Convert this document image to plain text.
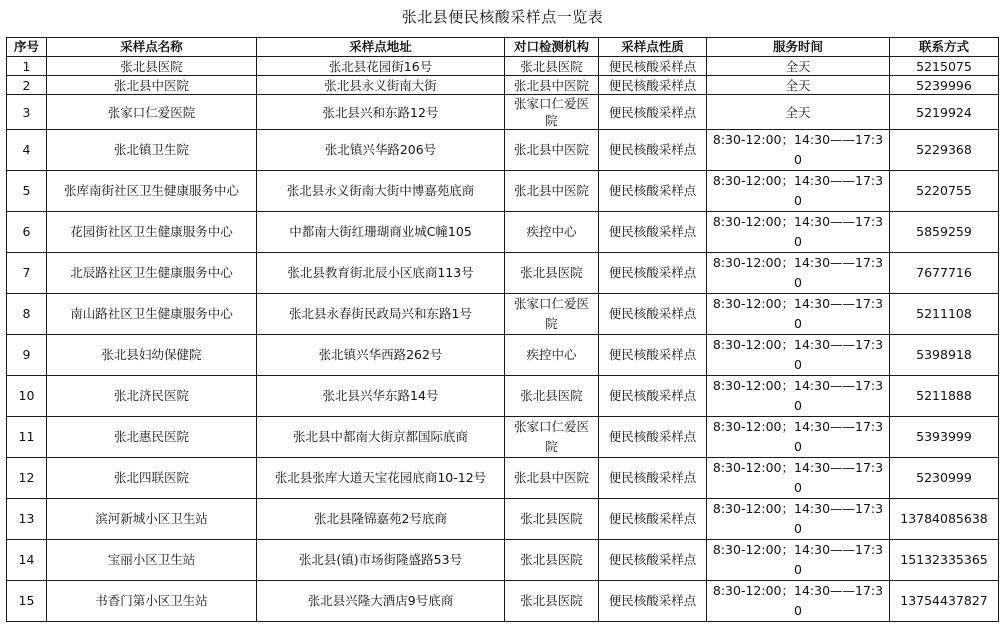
张北县便民核酸采样点一览表
序号	采样点名称	采样点地址	对口检测机构	采样点性质	服务时间	联系方式
1	张北县医院	张北县花园街16号	张北县医院	便民核酸采样点	全天	5215075
2	张北县中医院	张北县永义街南大街	张北县中医院	便民核酸采样点	全天	5239996
3	张家口仁爱医院	张北县兴和东路12号	张家口仁爱医院	便民核酸采样点	全天	5219924
4	张北镇卫生院	张北镇兴华路206号	张北县中医院	便民核酸采样点	8:30-12:00；14:30——17:30	5229368
5	张库南街社区卫生健康服务中心	张北县永义街南大街中博嘉苑底商	张北县中医院	便民核酸采样点	8:30-12:00；14:30——17:30	5220755
6	花园街社区卫生健康服务中心	中都南大街红珊瑚商业城C幢105	疾控中心	便民核酸采样点	8:30-12:00；14:30——17:30	5859259
7	北辰路社区卫生健康服务中心	张北县教育街北辰小区底商113号	张北县医院	便民核酸采样点	8:30-12:00；14:30——17:30	7677716
8	南山路社区卫生健康服务中心	张北县永春街民政局兴和东路1号	张家口仁爱医院	便民核酸采样点	8:30-12:00；14:30——17:30	5211108
9	张北县妇幼保健院	张北镇兴华西路262号	疾控中心	便民核酸采样点	8:30-12:00；14:30——17:30	5398918
10	张北济民医院	张北县兴华东路14号	张北县医院	便民核酸采样点	8:30-12:00；14:30——17:30	5211888
11	张北惠民医院	张北县中都南大街京都国际底商	张家口仁爱医院	便民核酸采样点	8:30-12:00；14:30——17:30	5393999
12	张北四联医院	张北县张库大道天宝花园底商10-12号	张北县中医院	便民核酸采样点	8:30-12:00；14:30——17:30	5230999
13	滨河新城小区卫生站	张北县隆锦嘉苑2号底商	张北县医院	便民核酸采样点	8:30-12:00；14:30——17:30	13784085638
14	宝丽小区卫生站	张北县(镇)市场街隆盛路53号	张北县医院	便民核酸采样点	8:30-12:00；14:30——17:30	15132335365
15	书香门第小区卫生站	张北县兴隆大酒店9号底商	张北县医院	便民核酸采样点	8:30-12:00；14:30——17:30	13754437827
